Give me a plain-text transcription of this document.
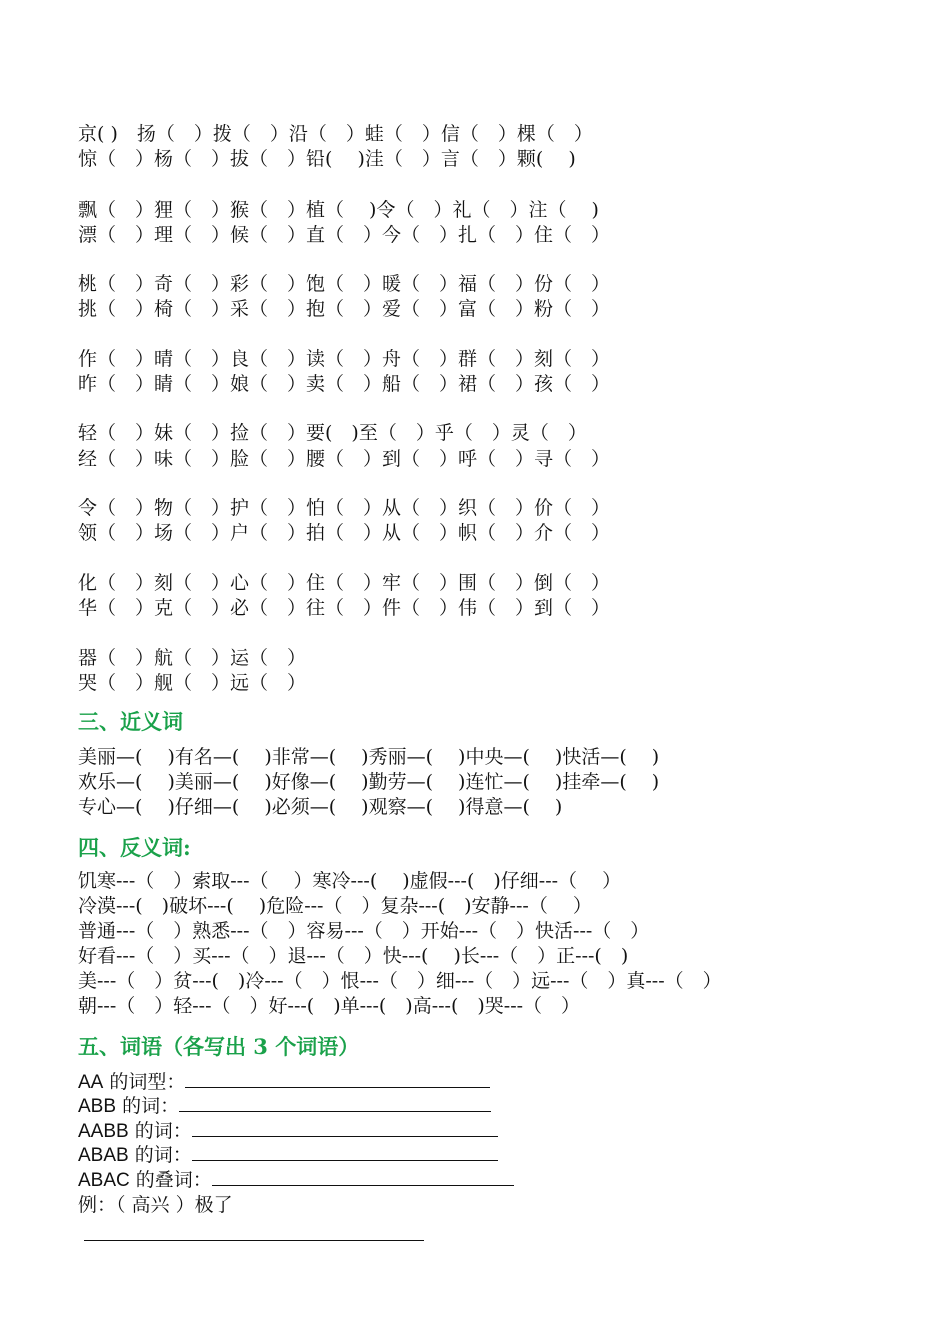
京( )　扬（　）拨（　）沿（　）蛙（　）信（　）棵（　）
惊（　）杨（　）拔（　）铅(　 )洼（　）言（　）颗(　 )
飘（　）狸（　）猴（　）植（　 )令（　）礼（　）注（　 )
漂（　）理（　）候（　）直（　）今（　）扎（　）住（　）
桃（　）奇（　）彩（　）饱（　）暖（　）福（　）份（　）
挑（　）椅（　）采（　）抱（　）爱（　）富（　）粉（　）
作（　）晴（　）良（　）读（　）舟（　）群（　）刻（　）
昨（　）睛（　）娘（　）卖（　）船（　）裙（　）孩（　）
轻（　）妹（　）捡（　）要(　)至（　）乎（　）灵（　）
经（　）味（　）脸（　）腰（　）到（　）呼（　）寻（　）
令（　）物（　）护（　）怕（　）从（　）织（　）价（　）
领（　）场（　）户（　）拍（　）从（　）帜（　）介（　）
化（　）刻（　）心（　）住（　）牢（　）围（　）倒（　）
华（　）克（　）必（　）往（　）件（　）伟（　）到（　）
器（　）航（　）运（　）
哭（　）舰（　）远（　）
三、近义词
美丽—(　 )有名—(　 )非常—(　 )秀丽—(　 )中央—(　 )快活—(　 )
欢乐—(　 )美丽—(　 )好像—(　 )勤劳—(　 )连忙—(　 )挂牵—(　 )
专心—(　 )仔细—(　 )必须—(　 )观察—(　 )得意—(　 )
四、反义词:
饥寒---（　）索取---（　 ）寒冷---(　 )虚假---(　)仔细---（　 ）
冷漠---(　)破坏---(　 )危险---（　）复杂---(　)安静---（　 ）
普通---（　）熟悉---（　）容易---（　）开始---（　）快活---（　）
好看---（　）买---（　）退---（　）快---(　 )长---（　）正---(　)
美---（　）贫---(　)冷---（　）恨---（　）细---（　）远---（　）真---（　）
朝---（　）轻---（　）好---(　)单---(　)高---(　)哭---（　）
五、词语（各写出 3 个词语）
AA 的词型：
ABB 的词：
AABB 的词：
ABAB 的词：
ABAC 的叠词：
例：（ 高兴 ）极了
